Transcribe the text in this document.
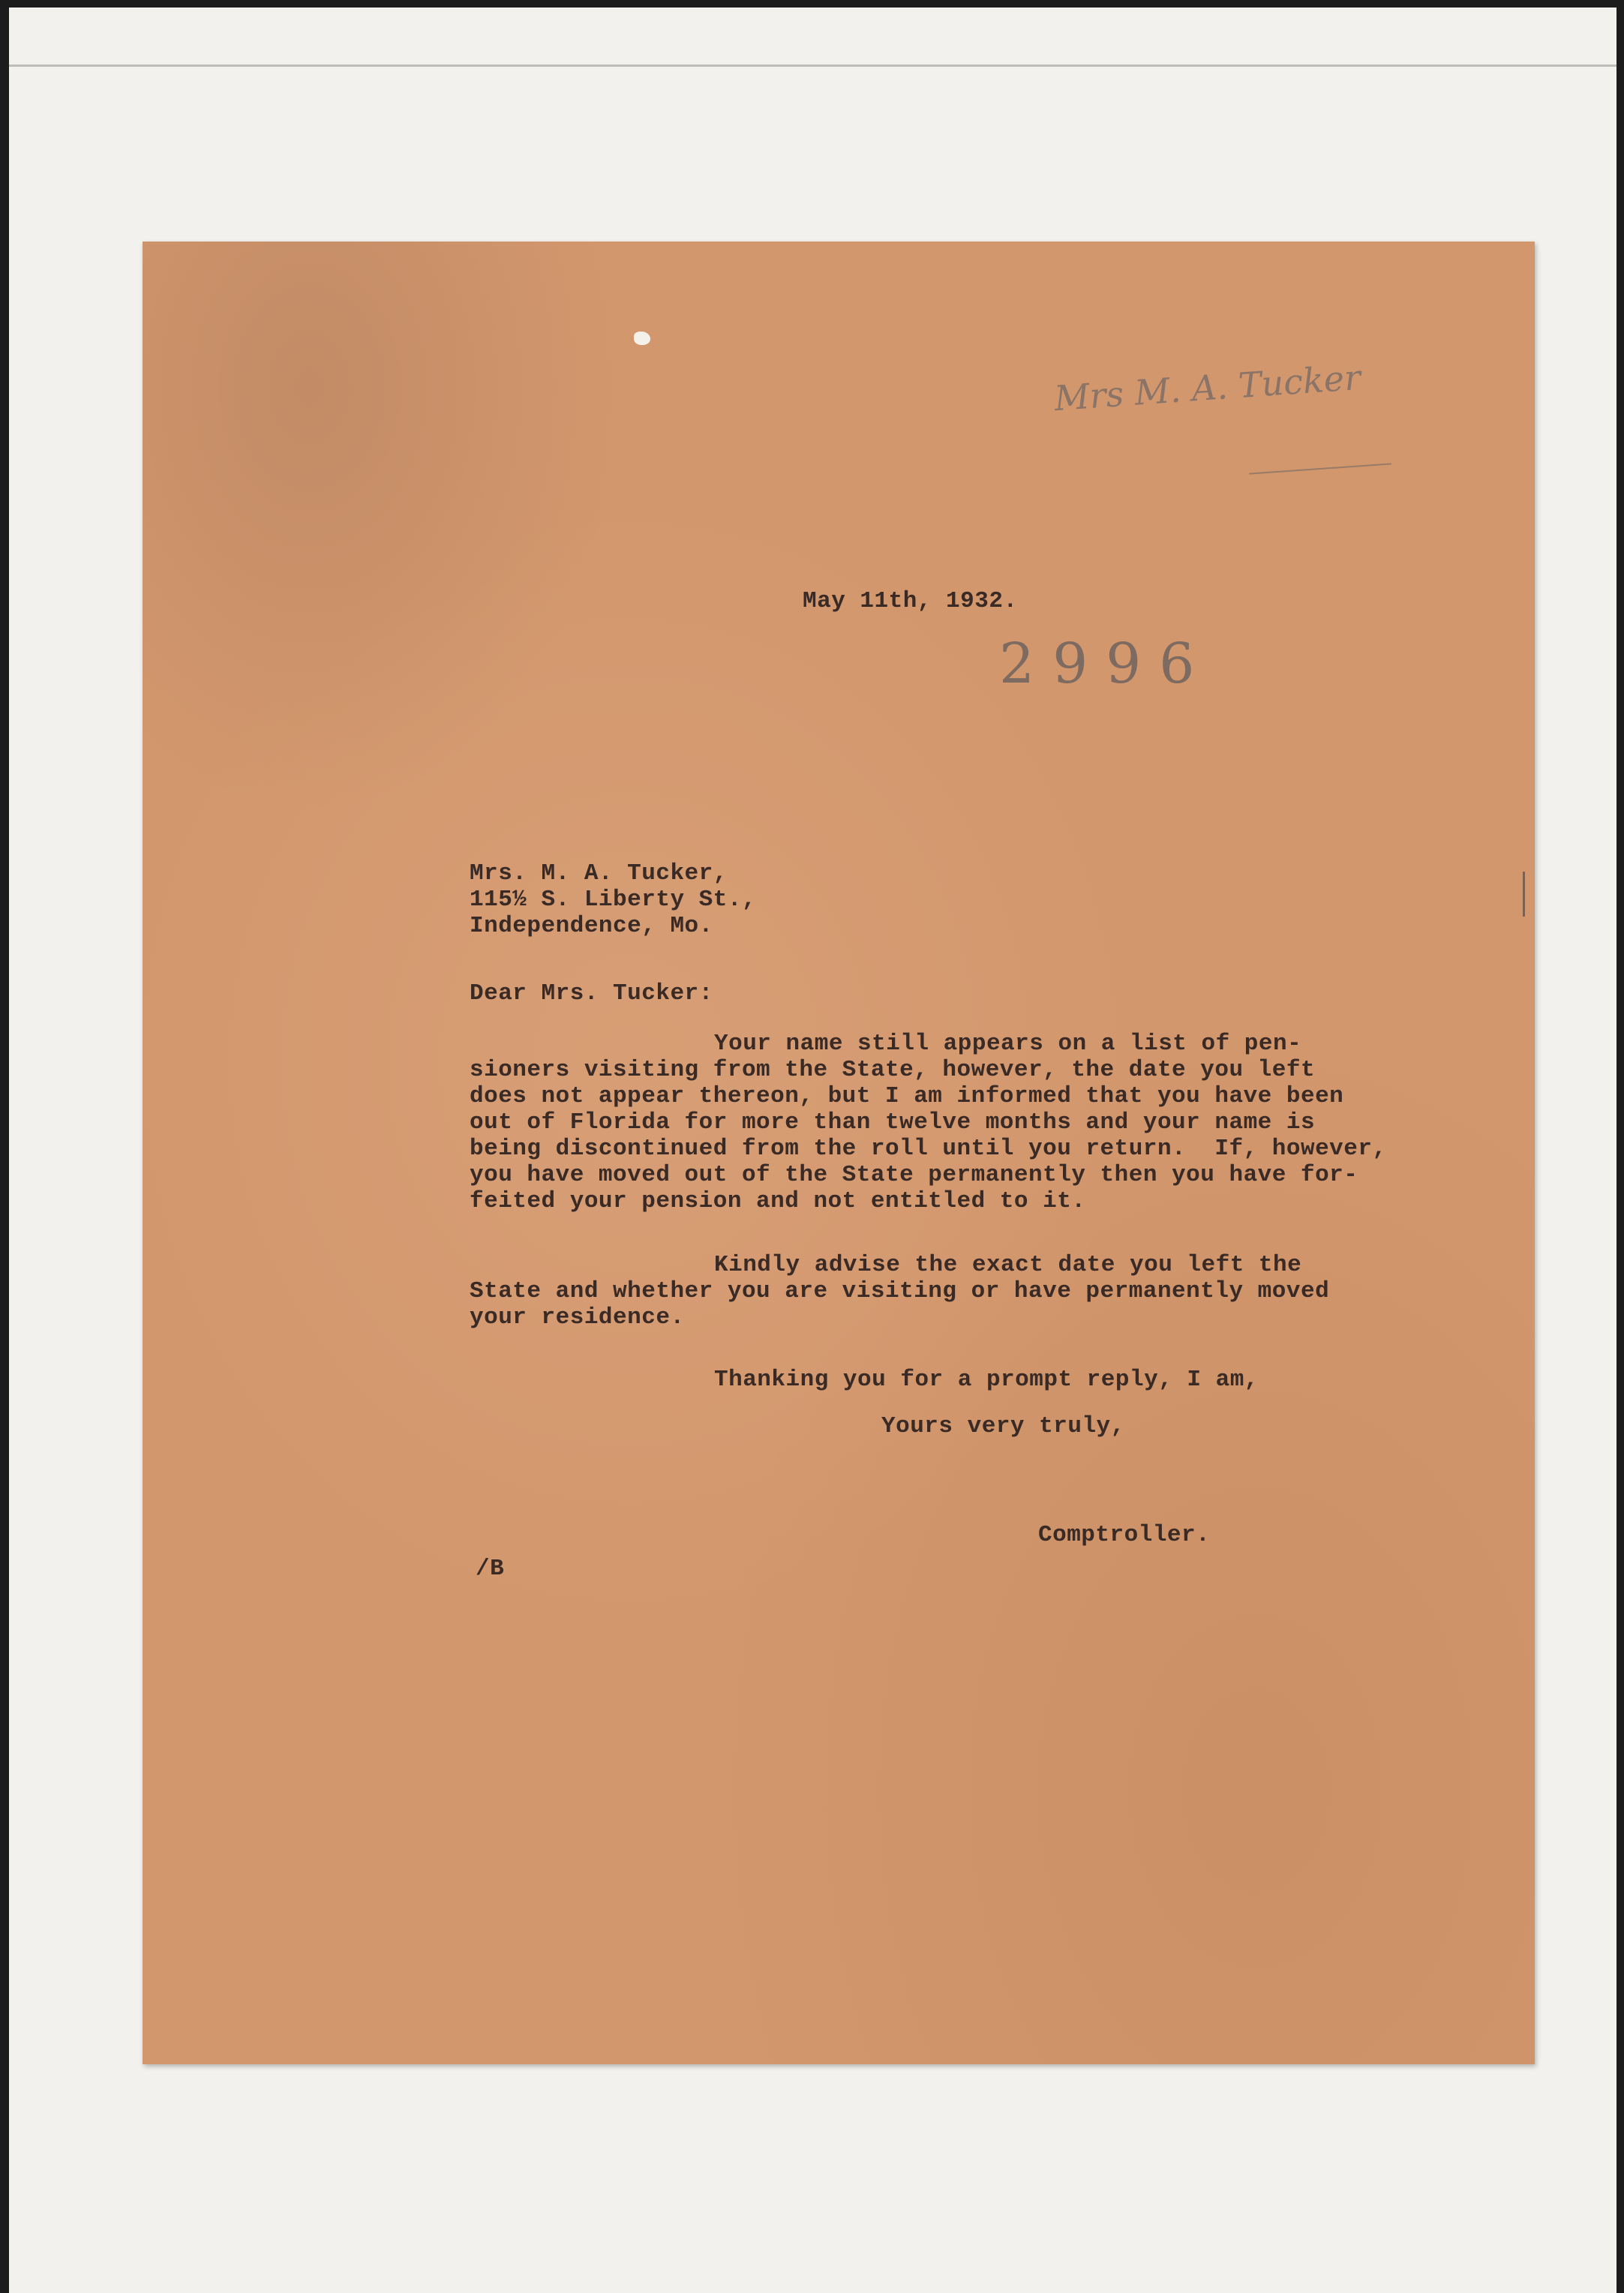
Mrs M. A. Tucker

May 11th, 1932.

2996

Mrs. M. A. Tucker,

115½ S. Liberty St.,

Independence, Mo.

Dear Mrs. Tucker:

Your name still appears on a list of pen-

sioners visiting from the State, however, the date you left

does not appear thereon, but I am informed that you have been

out of Florida for more than twelve months and your name is

being discontinued from the roll until you return.  If, however,

you have moved out of the State permanently then you have for-

feited your pension and not entitled to it.

Kindly advise the exact date you left the

State and whether you are visiting or have permanently moved

your residence.

Thanking you for a prompt reply, I am,

Yours very truly,

Comptroller.

/B
